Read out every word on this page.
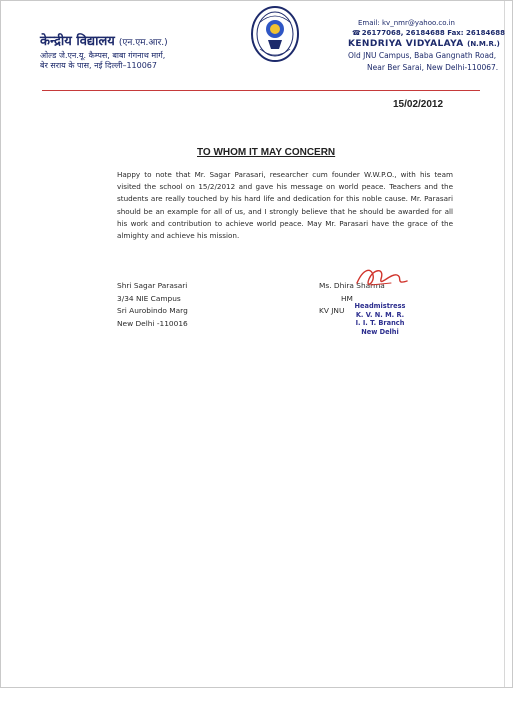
केन्द्रीय विद्यालय (एन.एम.आर.)
ओल्ड जे.एन.यू. कैम्पस, बाबा गंगनाथ मार्ग,
बेर सराय के पास, नई दिल्ली–110067
Email: kv_nmr@yahoo.co.in
☎26177068, 26184688 Fax: 26184688
KENDRIYA VIDYALAYA (N.M.R.)
Old JNU Campus, Baba Gangnath Road,
Near Ber Sarai, New Delhi-110067.
15/02/2012
TO WHOM IT MAY CONCERN
Happy to note that Mr. Sagar Parasari, researcher cum founder W.W.P.O., with his team visited the school on 15/2/2012 and gave his message on world peace. Teachers and the students are really touched by his hard life and dedication for this noble cause. Mr. Parasari should be an example for all of us, and I strongly believe that he should be awarded for all his work and contribution to achieve world peace. May Mr. Parasari have the grace of the almighty and achieve his mission.
Shri Sagar Parasari
3/34 NIE Campus
Sri Aurobindo Marg
New Delhi -110016
Ms. Dhira Sharma
HM
KV JNU	Headmistress
K. V. N. M. R.
I. I. T. Branch
New Delhi
